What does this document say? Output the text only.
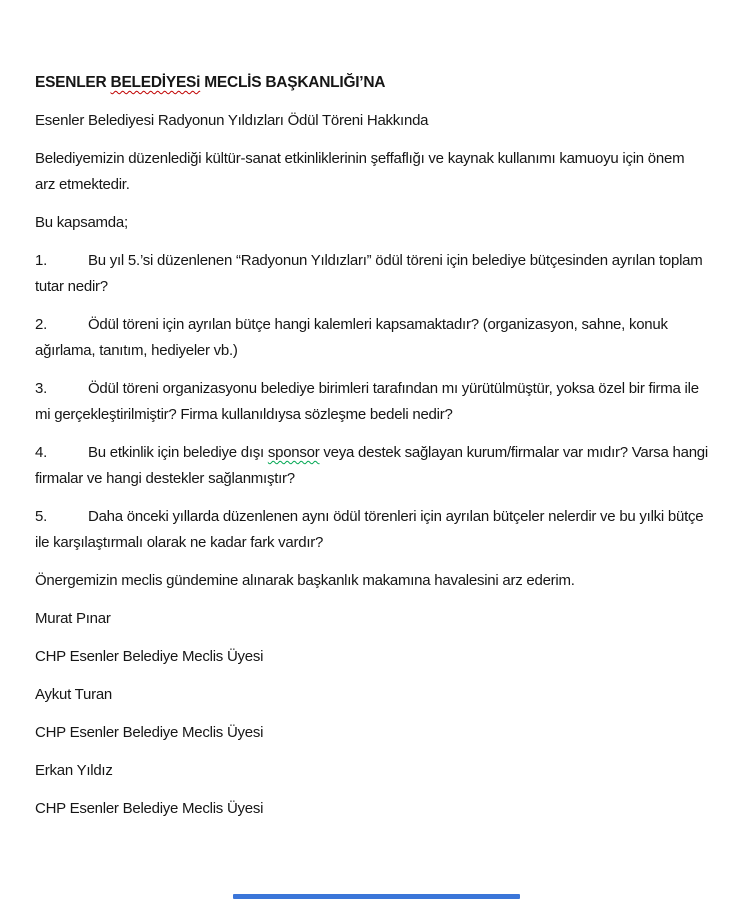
ESENLER BELEDİYESi MECLİS BAŞKANLIĞI’NA

Esenler Belediyesi Radyonun Yıldızları Ödül Töreni Hakkında

Belediyemizin düzenlediği kültür-sanat etkinliklerinin şeffaflığı ve kaynak kullanımı kamuoyu için önem arz etmektedir.

Bu kapsamda;

1.	Bu yıl 5.’si düzenlenen “Radyonun Yıldızları” ödül töreni için belediye bütçesinden ayrılan toplam tutar nedir?

2.	Ödül töreni için ayrılan bütçe hangi kalemleri kapsamaktadır? (organizasyon, sahne, konuk ağırlama, tanıtım, hediyeler vb.)

3.	Ödül töreni organizasyonu belediye birimleri tarafından mı yürütülmüştür, yoksa özel bir firma ile mi gerçekleştirilmiştir? Firma kullanıldıysa sözleşme bedeli nedir?

4.	Bu etkinlik için belediye dışı sponsor veya destek sağlayan kurum/firmalar var mıdır? Varsa hangi firmalar ve hangi destekler sağlanmıştır?

5.	Daha önceki yıllarda düzenlenen aynı ödül törenleri için ayrılan bütçeler nelerdir ve bu yılki bütçe ile karşılaştırmalı olarak ne kadar fark vardır?

Önergemizin meclis gündemine alınarak başkanlık makamına havalesini arz ederim.

Murat Pınar

CHP Esenler Belediye Meclis Üyesi

Aykut Turan

CHP Esenler Belediye Meclis Üyesi

Erkan Yıldız

CHP Esenler Belediye Meclis Üyesi
